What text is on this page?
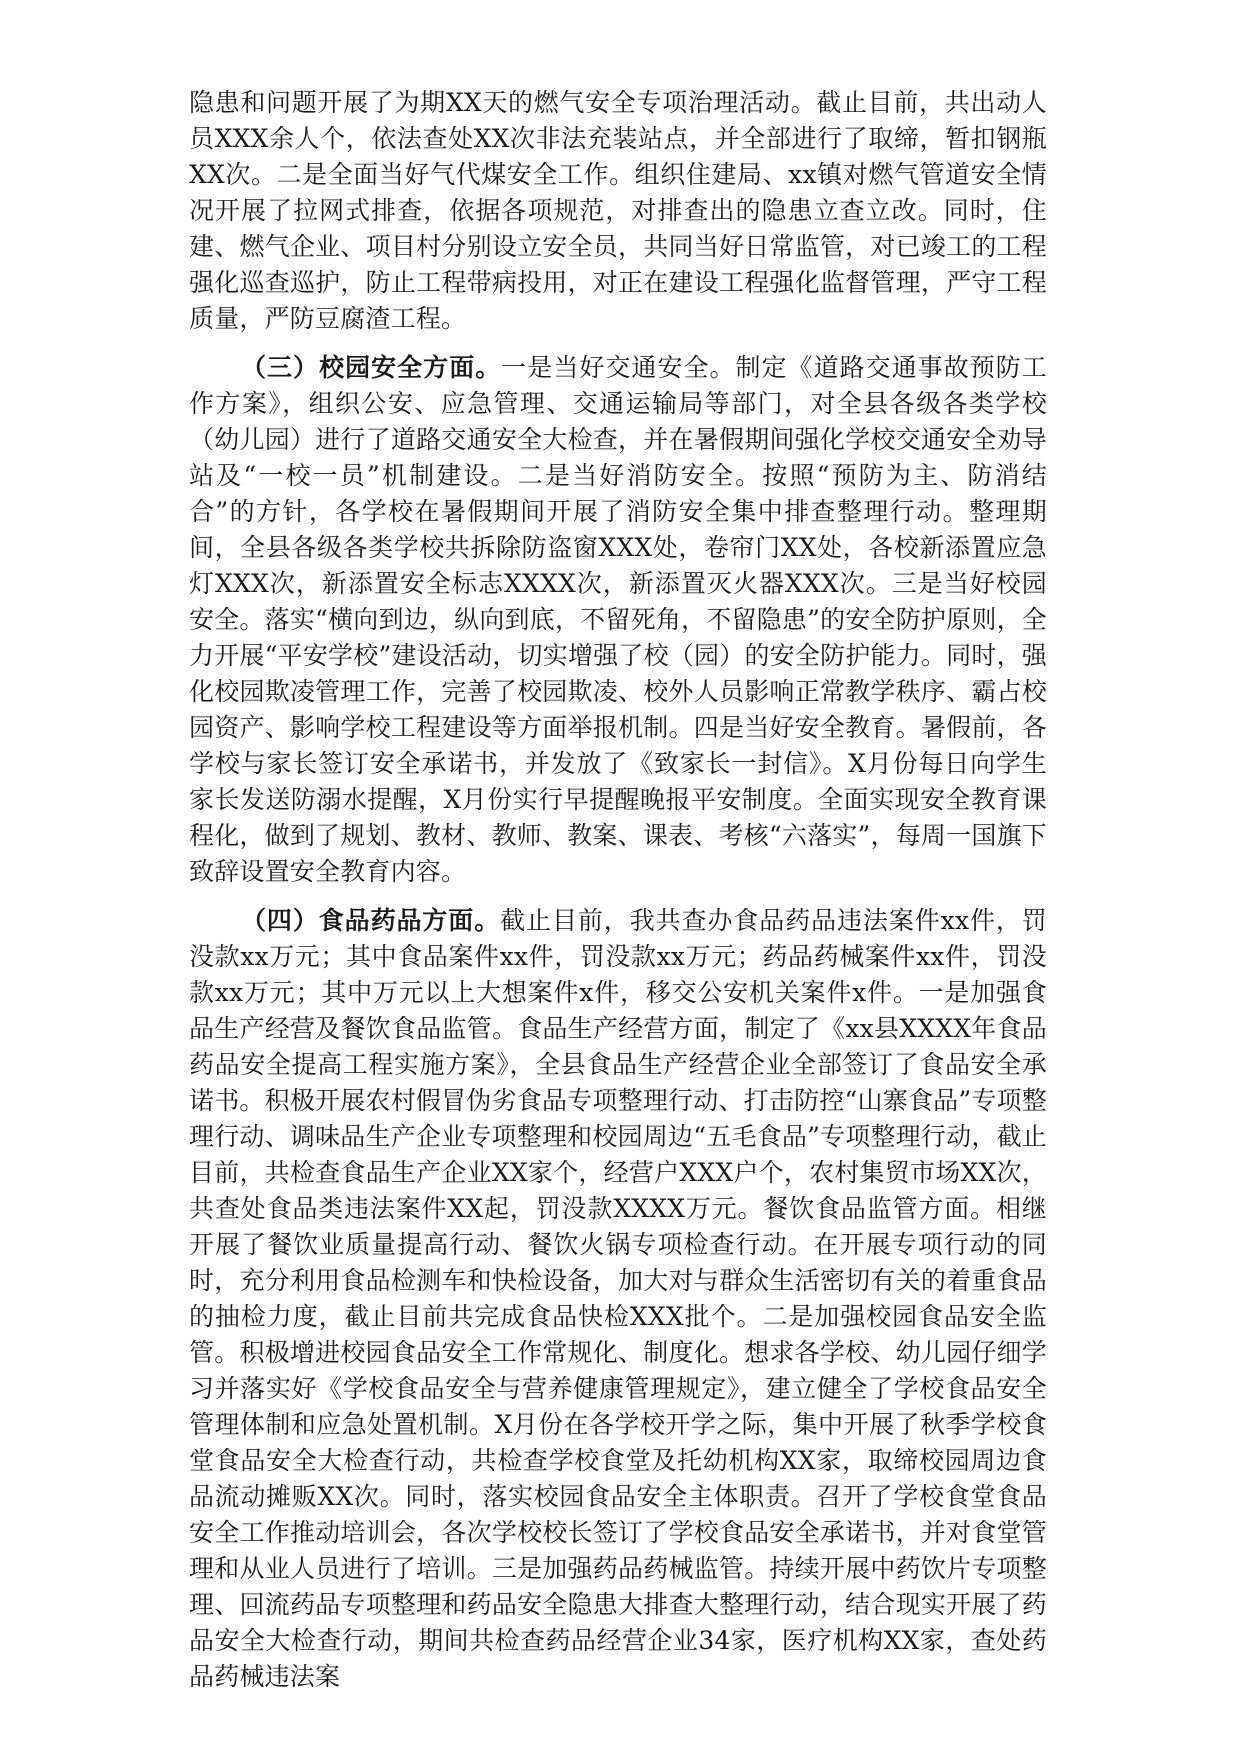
隐患和问题开展了为期XX天的燃气安全专项治理活动。截止目前，共出动人员XXX余人个，依法查处XX次非法充装站点，并全部进行了取缔，暂扣钢瓶XX次。二是全面当好气代煤安全工作。组织住建局、xx镇对燃气管道安全情况开展了拉网式排查，依据各项规范，对排查出的隐患立查立改。同时，住建、燃气企业、项目村分别设立安全员，共同当好日常监管，对已竣工的工程强化巡查巡护，防止工程带病投用，对正在建设工程强化监督管理，严守工程质量，严防豆腐渣工程。

（三）校园安全方面。一是当好交通安全。制定《道路交通事故预防工作方案》，组织公安、应急管理、交通运输局等部门，对全县各级各类学校（幼儿园）进行了道路交通安全大检查，并在暑假期间强化学校交通安全劝导站及“一校一员”机制建设。二是当好消防安全。按照“预防为主、防消结合”的方针，各学校在暑假期间开展了消防安全集中排查整理行动。整理期间，全县各级各类学校共拆除防盗窗XXX处，卷帘门XX处，各校新添置应急灯XXX次，新添置安全标志XXXX次，新添置灭火器XXX次。三是当好校园安全。落实“横向到边，纵向到底，不留死角，不留隐患”的安全防护原则，全力开展“平安学校”建设活动，切实增强了校（园）的安全防护能力。同时，强化校园欺凌管理工作，完善了校园欺凌、校外人员影响正常教学秩序、霸占校园资产、影响学校工程建设等方面举报机制。四是当好安全教育。暑假前，各学校与家长签订安全承诺书，并发放了《致家长一封信》。X月份每日向学生家长发送防溺水提醒，X月份实行早提醒晚报平安制度。全面实现安全教育课程化，做到了规划、教材、教师、教案、课表、考核“六落实”，每周一国旗下致辞设置安全教育内容。

（四）食品药品方面。截止目前，我共查办食品药品违法案件xx件，罚没款xx万元；其中食品案件xx件，罚没款xx万元；药品药械案件xx件，罚没款xx万元；其中万元以上大想案件x件，移交公安机关案件x件。一是加强食品生产经营及餐饮食品监管。食品生产经营方面，制定了《xx县XXXX年食品药品安全提高工程实施方案》，全县食品生产经营企业全部签订了食品安全承诺书。积极开展农村假冒伪劣食品专项整理行动、打击防控“山寨食品”专项整理行动、调味品生产企业专项整理和校园周边“五毛食品”专项整理行动，截止目前，共检查食品生产企业XX家个，经营户XXX户个，农村集贸市场XX次，共查处食品类违法案件XX起，罚没款XXXX万元。餐饮食品监管方面。相继开展了餐饮业质量提高行动、餐饮火锅专项检查行动。在开展专项行动的同时，充分利用食品检测车和快检设备，加大对与群众生活密切有关的着重食品的抽检力度，截止目前共完成食品快检XXX批个。二是加强校园食品安全监管。积极增进校园食品安全工作常规化、制度化。想求各学校、幼儿园仔细学习并落实好《学校食品安全与营养健康管理规定》，建立健全了学校食品安全管理体制和应急处置机制。X月份在各学校开学之际，集中开展了秋季学校食堂食品安全大检查行动，共检查学校食堂及托幼机构XX家，取缔校园周边食品流动摊贩XX次。同时，落实校园食品安全主体职责。召开了学校食堂食品安全工作推动培训会，各次学校校长签订了学校食品安全承诺书，并对食堂管理和从业人员进行了培训。三是加强药品药械监管。持续开展中药饮片专项整理、回流药品专项整理和药品安全隐患大排查大整理行动，结合现实开展了药品安全大检查行动，期间共检查药品经营企业34家，医疗机构XX家，查处药品药械违法案
